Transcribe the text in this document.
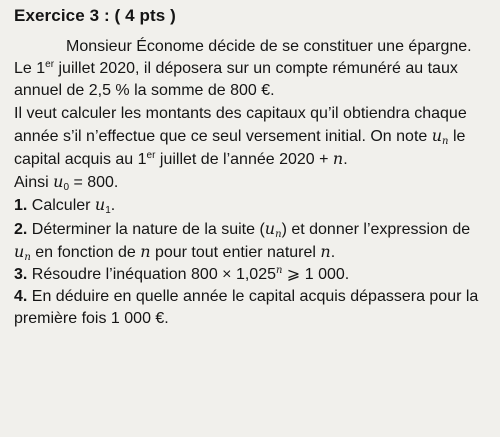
Exercice 3 : ( 4 pts )

Monsieur Économe décide de se constituer une épargne.

Le 1er juillet 2020, il déposera sur un compte rémunéré au taux annuel de 2,5 % la somme de 800 €.

Il veut calculer les montants des capitaux qu’il obtiendra chaque année s’il n’effectue que ce seul versement initial. On note $u_n$ le capital acquis au 1er juillet de l’année 2020 + n.

Ainsi $u_0 = 800$.

1. Calculer $u_1$.

2. Déterminer la nature de la suite $(u_n)$ et donner l’expression de $u_n$ en fonction de n pour tout entier naturel n.

3. Résoudre l’inéquation $800 \times 1,025^n$ ⩾ 1 000.

4. En déduire en quelle année le capital acquis dépassera pour la première fois 1 000 €.
